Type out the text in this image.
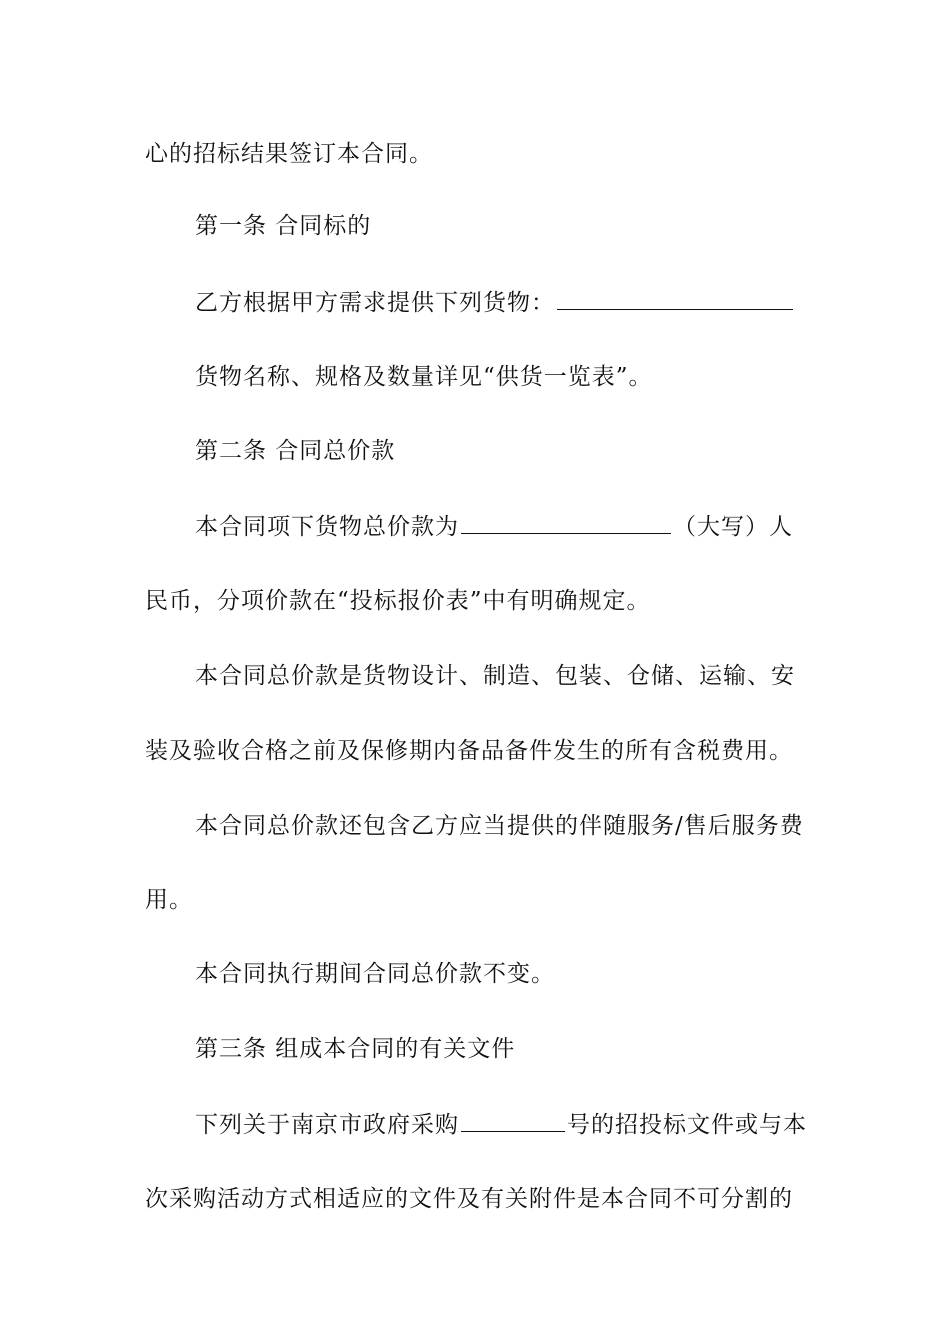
心的招标结果签订本合同。
第一条 合同标的
乙方根据甲方需求提供下列货物：
货物名称、规格及数量详见“供货一览表”。
第二条 合同总价款
本合同项下货物总价款为	（大写）人
民币，分项价款在“投标报价表”中有明确规定。
本合同总价款是货物设计、制造、包装、仓储、运输、安
装及验收合格之前及保修期内备品备件发生的所有含税费用。
本合同总价款还包含乙方应当提供的伴随服务/售后服务费
用。
本合同执行期间合同总价款不变。
第三条 组成本合同的有关文件
下列关于南京市政府采购	号的招投标文件或与本
次采购活动方式相适应的文件及有关附件是本合同不可分割的
